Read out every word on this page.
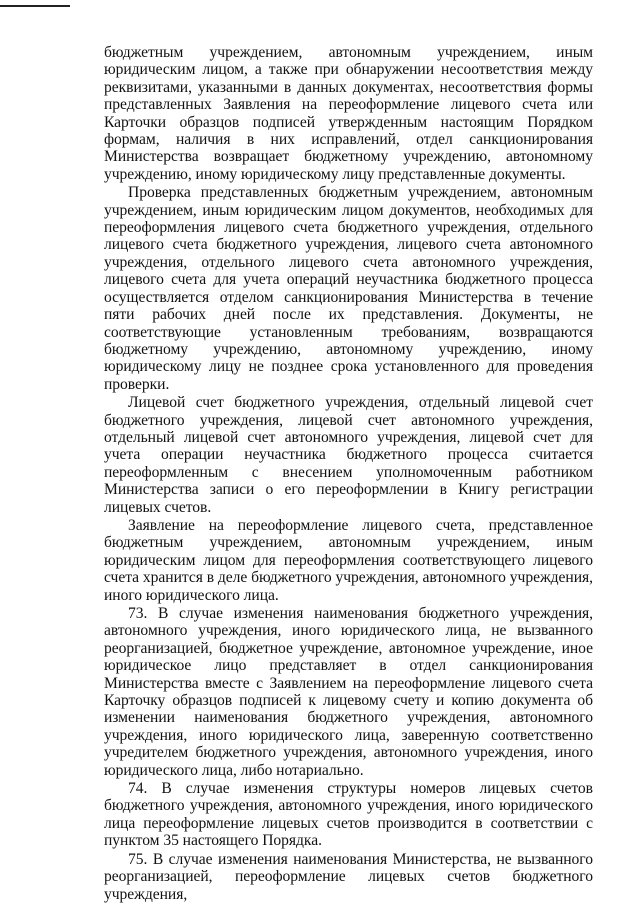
бюджетным учреждением, автономным учреждением, иным юридическим лицом, а также при обнаружении несоответствия между реквизитами, указанными в данных документах, несоответствия формы представленных Заявления на переоформление лицевого счета или Карточки образцов подписей утвержденным настоящим Порядком формам, наличия в них исправлений, отдел санкционирования Министерства возвращает бюджетному учреждению, автономному учреждению, иному юридическому лицу представленные документы.

Проверка представленных бюджетным учреждением, автономным учреждением, иным юридическим лицом документов, необходимых для переоформления лицевого счета бюджетного учреждения, отдельного лицевого счета бюджетного учреждения, лицевого счета автономного учреждения, отдельного лицевого счета автономного учреждения, лицевого счета для учета операций неучастника бюджетного процесса осуществляется отделом санкционирования Министерства в течение пяти рабочих дней после их представления. Документы, не соответствующие установленным требованиям, возвращаются бюджетному учреждению, автономному учреждению, иному юридическому лицу не позднее срока установленного для проведения проверки.

Лицевой счет бюджетного учреждения, отдельный лицевой счет бюджетного учреждения, лицевой счет автономного учреждения, отдельный лицевой счет автономного учреждения, лицевой счет для учета операции неучастника бюджетного процесса считается переоформленным с внесением уполномоченным работником Министерства записи о его переоформлении в Книгу регистрации лицевых счетов.

Заявление на переоформление лицевого счета, представленное бюджетным учреждением, автономным учреждением, иным юридическим лицом для переоформления соответствующего лицевого счета хранится в деле бюджетного учреждения, автономного учреждения, иного юридического лица.

73. В случае изменения наименования бюджетного учреждения, автономного учреждения, иного юридического лица, не вызванного реорганизацией, бюджетное учреждение, автономное учреждение, иное юридическое лицо представляет в отдел санкционирования Министерства вместе с Заявлением на переоформление лицевого счета Карточку образцов подписей к лицевому счету и копию документа об изменении наименования бюджетного учреждения, автономного учреждения, иного юридического лица, заверенную соответственно учредителем бюджетного учреждения, автономного учреждения, иного юридического лица, либо нотариально.

74. В случае изменения структуры номеров лицевых счетов бюджетного учреждения, автономного учреждения, иного юридического лица переоформление лицевых счетов производится в соответствии с пунктом 35 настоящего Порядка.

75. В случае изменения наименования Министерства, не вызванного реорганизацией, переоформление лицевых счетов бюджетного учреждения,
